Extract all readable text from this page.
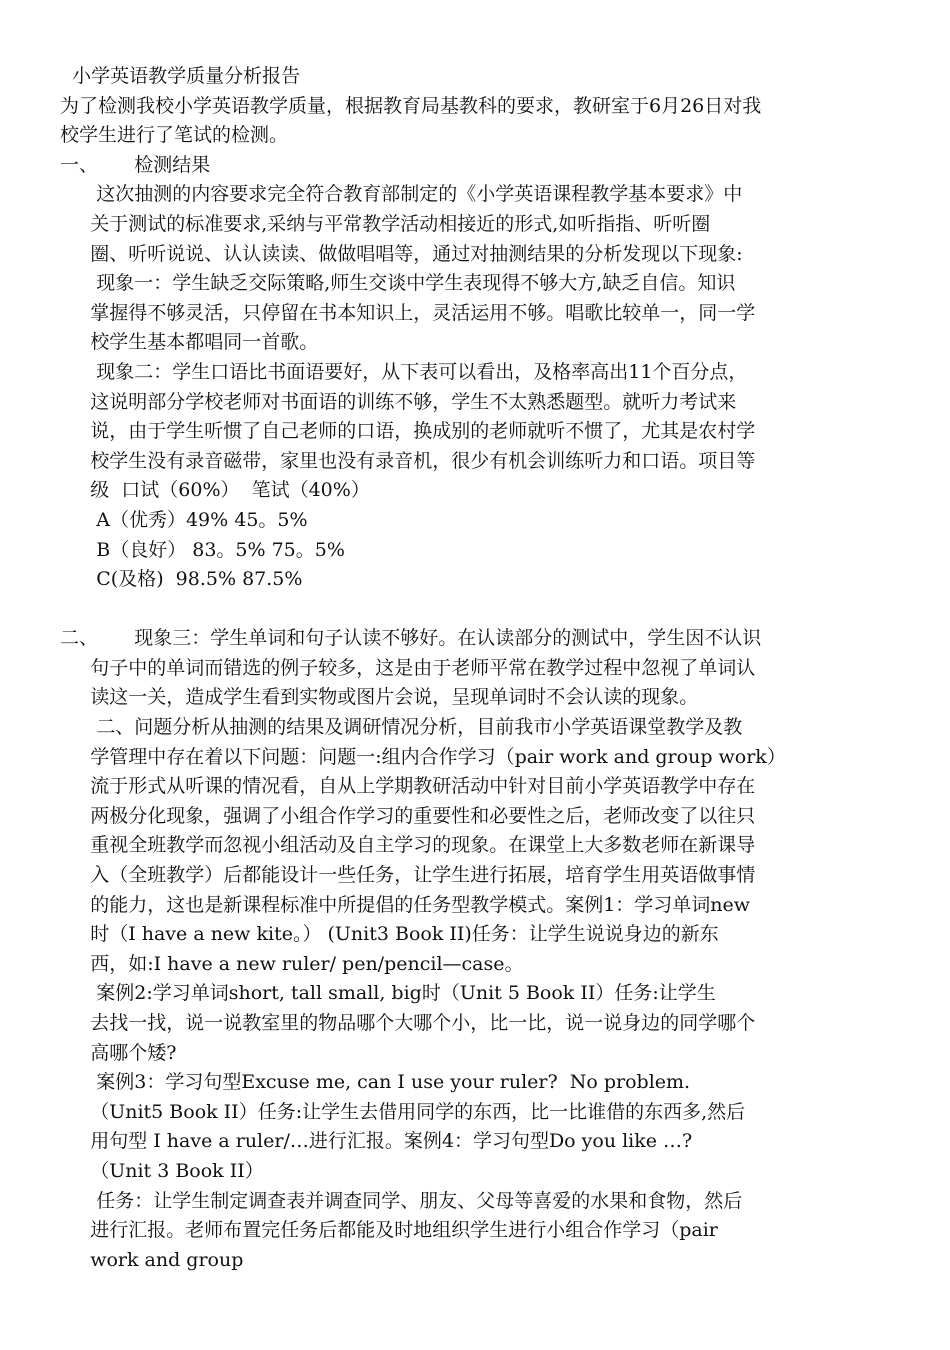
小学英语教学质量分析报告
为了检测我校小学英语教学质量，根据教育局基教科的要求，教研室于6月26日对我
校学生进行了笔试的检测。
一、      检测结果
这次抽测的内容要求完全符合教育部制定的《小学英语课程教学基本要求》中
关于测试的标准要求,采纳与平常教学活动相接近的形式,如听指指、听听圈
圈、听听说说、认认读读、做做唱唱等，通过对抽测结果的分析发现以下现象:
现象一：学生缺乏交际策略,师生交谈中学生表现得不够大方,缺乏自信。知识
掌握得不够灵活，只停留在书本知识上，灵活运用不够。唱歌比较单一，同一学
校学生基本都唱同一首歌。
现象二：学生口语比书面语要好，从下表可以看出，及格率高出11个百分点，
这说明部分学校老师对书面语的训练不够，学生不太熟悉题型。就听力考试来
说，由于学生听惯了自己老师的口语，换成别的老师就听不惯了，尤其是农村学
校学生没有录音磁带，家里也没有录音机，很少有机会训练听力和口语。项目等
级  口试（60%）  笔试（40%）
A（优秀）49% 45。5%
B（良好） 83。5% 75。5%
C(及格)  98.5% 87.5%
二、      现象三：学生单词和句子认读不够好。在认读部分的测试中，学生因不认识
句子中的单词而错选的例子较多，这是由于老师平常在教学过程中忽视了单词认
读这一关，造成学生看到实物或图片会说，呈现单词时不会认读的现象。
二、问题分析从抽测的结果及调研情况分析，目前我市小学英语课堂教学及教
学管理中存在着以下问题：问题一:组内合作学习（pair work and group work）
流于形式从听课的情况看，自从上学期教研活动中针对目前小学英语教学中存在
两极分化现象，强调了小组合作学习的重要性和必要性之后，老师改变了以往只
重视全班教学而忽视小组活动及自主学习的现象。在课堂上大多数老师在新课导
入（全班教学）后都能设计一些任务，让学生进行拓展，培育学生用英语做事情
的能力，这也是新课程标准中所提倡的任务型教学模式。案例1：学习单词new
时（I have a new kite。） (Unit3 Book II)任务：让学生说说身边的新东
西，如:I have a new ruler/ pen/pencil—case。
案例2:学习单词short, tall small, big时（Unit 5 Book II）任务:让学生
去找一找，说一说教室里的物品哪个大哪个小，比一比，说一说身边的同学哪个
高哪个矮?
案例3：学习句型Excuse me, can I use your ruler?  No problem.
（Unit5 Book II）任务:让学生去借用同学的东西，比一比谁借的东西多,然后
用句型 I have a ruler/…进行汇报。案例4：学习句型Do you like …?
（Unit 3 Book II）
任务：让学生制定调查表并调查同学、朋友、父母等喜爱的水果和食物，然后
进行汇报。老师布置完任务后都能及时地组织学生进行小组合作学习（pair
work and group
